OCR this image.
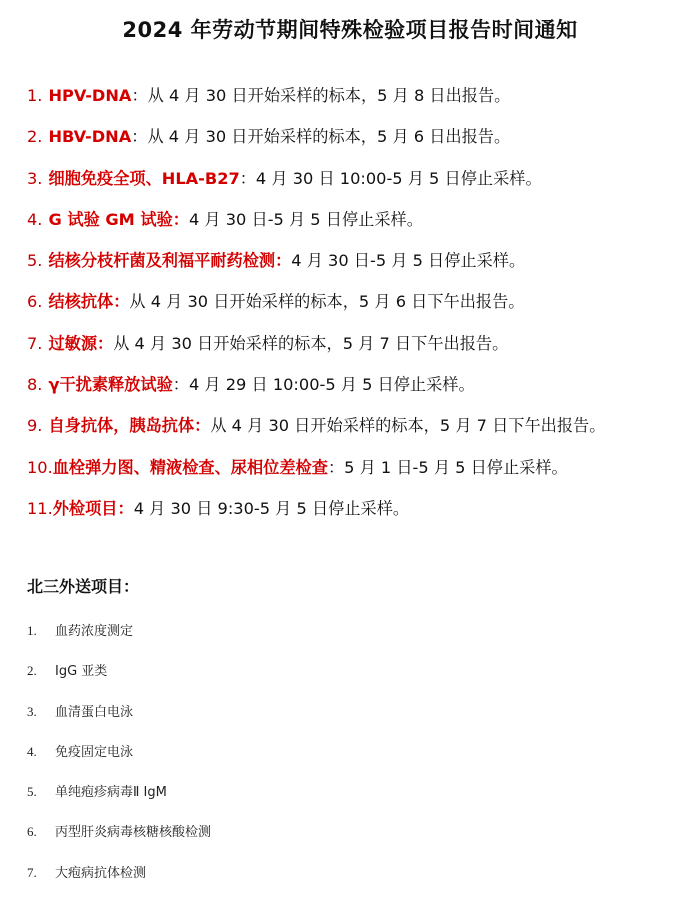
2024 年劳动节期间特殊检验项目报告时间通知
1. HPV-DNA：从 4 月 30 日开始采样的标本，5 月 8 日出报告。
2. HBV-DNA：从 4 月 30 日开始采样的标本，5 月 6 日出报告。
3. 细胞免疫全项、HLA-B27：4 月 30 日 10:00-5 月 5 日停止采样。
4. G 试验 GM 试验：4 月 30 日-5 月 5 日停止采样。
5. 结核分枝杆菌及利福平耐药检测：4 月 30 日-5 月 5 日停止采样。
6. 结核抗体：从 4 月 30 日开始采样的标本，5 月 6 日下午出报告。
7. 过敏源：从 4 月 30 日开始采样的标本，5 月 7 日下午出报告。
8. γ干扰素释放试验：4 月 29 日 10:00-5 月 5 日停止采样。
9. 自身抗体，胰岛抗体：从 4 月 30 日开始采样的标本，5 月 7 日下午出报告。
10.血栓弹力图、精液检查、尿相位差检查：5 月 1 日-5 月 5 日停止采样。
11.外检项目：4 月 30 日 9:30-5 月 5 日停止采样。
北三外送项目：
1. 血药浓度测定
2. IgG 亚类
3. 血清蛋白电泳
4. 免疫固定电泳
5. 单纯疱疹病毒Ⅱ IgM
6. 丙型肝炎病毒核糖核酸检测
7. 大疱病抗体检测
